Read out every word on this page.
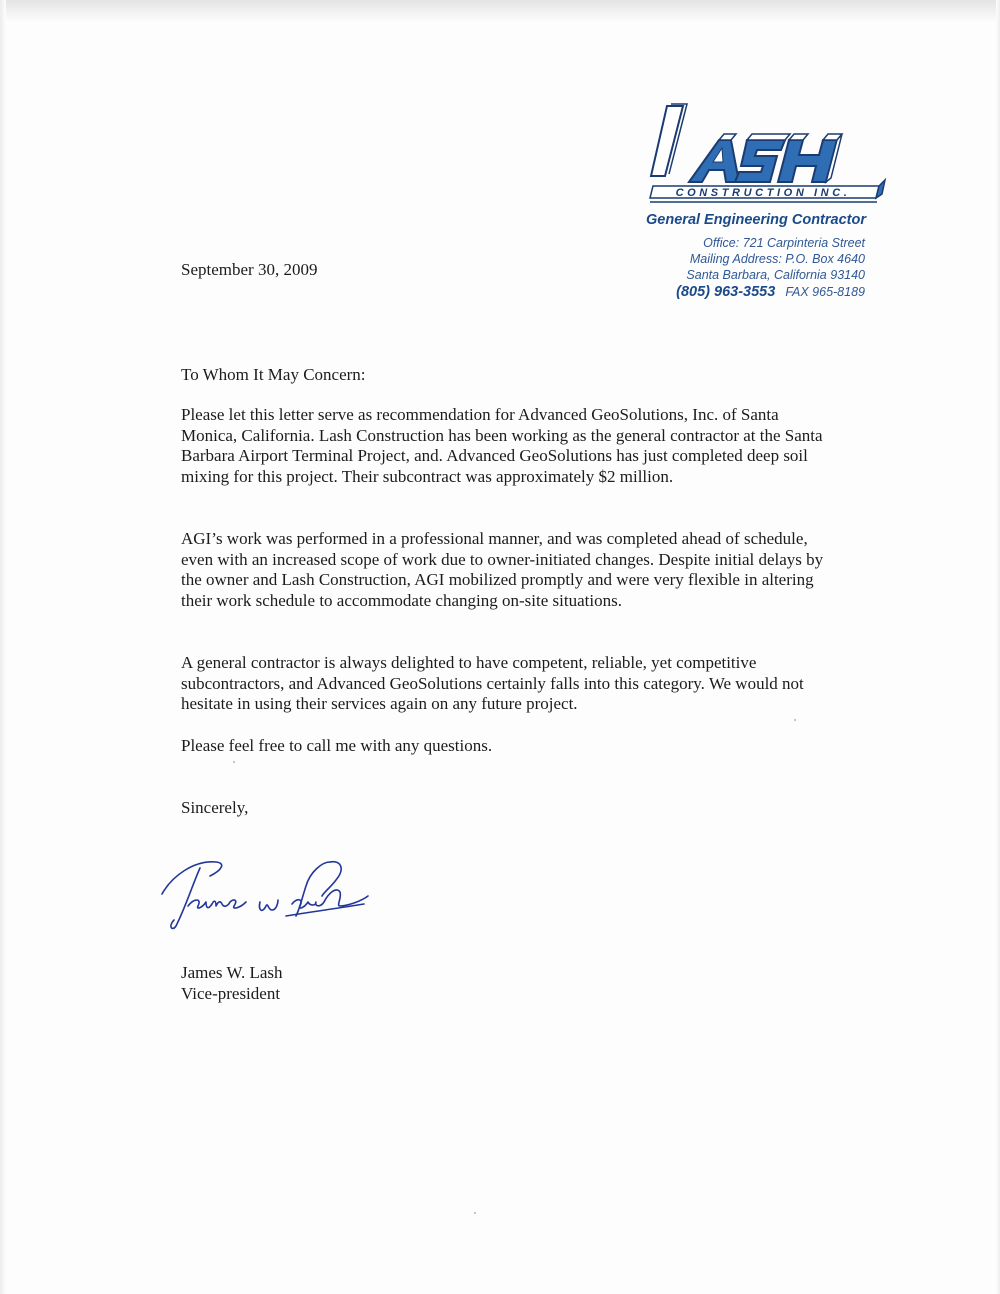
CONSTRUCTION INC.
General Engineering Contractor
Office: 721 Carpinteria Street
Mailing Address: P.O. Box 4640
Santa Barbara, California 93140
(805) 963-3553 FAX 965-8189
September 30, 2009
To Whom It May Concern:

Please let this letter serve as recommendation for Advanced GeoSolutions, Inc. of Santa Monica, California. Lash Construction has been working as the general contractor at the Santa Barbara Airport Terminal Project, and. Advanced GeoSolutions has just completed deep soil mixing for this project. Their subcontract was approximately $2 million.

AGI’s work was performed in a professional manner, and was completed ahead of schedule, even with an increased scope of work due to owner-initiated changes. Despite initial delays by the owner and Lash Construction, AGI mobilized promptly and were very flexible in altering their work schedule to accommodate changing on-site situations.

A general contractor is always delighted to have competent, reliable, yet competitive subcontractors, and Advanced GeoSolutions certainly falls into this category. We would not hesitate in using their services again on any future project.

Please feel free to call me with any questions.

Sincerely,
James W. Lash
Vice-president
